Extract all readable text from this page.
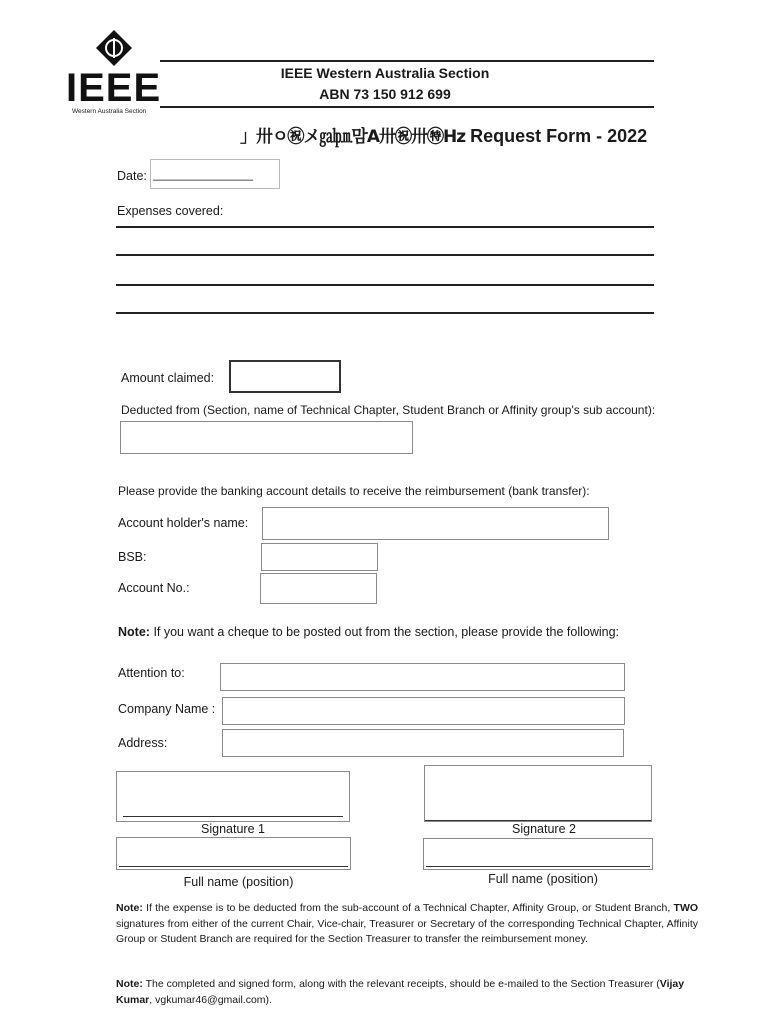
IEEE
Western Australia Section
IEEE Western Australia Section
ABN 73 150 912 699
」卅ㅇ㊗メ㏿㏘맘A卅㊗卅㊕Hz Request Form - 2022
Date: _______________
Expenses covered:
Amount claimed:
Deducted from (Section, name of Technical Chapter, Student Branch or Affinity group's sub account):
Please provide the banking account details to receive the reimbursement (bank transfer):
Account holder's name:
BSB:
Account No.:
Note: If you want a cheque to be posted out from the section, please provide the following:
Attention to:
Company Name :
Address:
Signature 1	Signature 2
Full name (position)	Full name (position)
Note: If the expense is to be deducted from the sub-account of a Technical Chapter, Affinity Group, or Student Branch, TWO signatures from either of the current Chair, Vice-chair, Treasurer or Secretary of the corresponding Technical Chapter, Affinity Group or Student Branch are required for the Section Treasurer to transfer the reimbursement money.
Note: The completed and signed form, along with the relevant receipts, should be e-mailed to the Section Treasurer (Vijay Kumar, vgkumar46@gmail.com).
